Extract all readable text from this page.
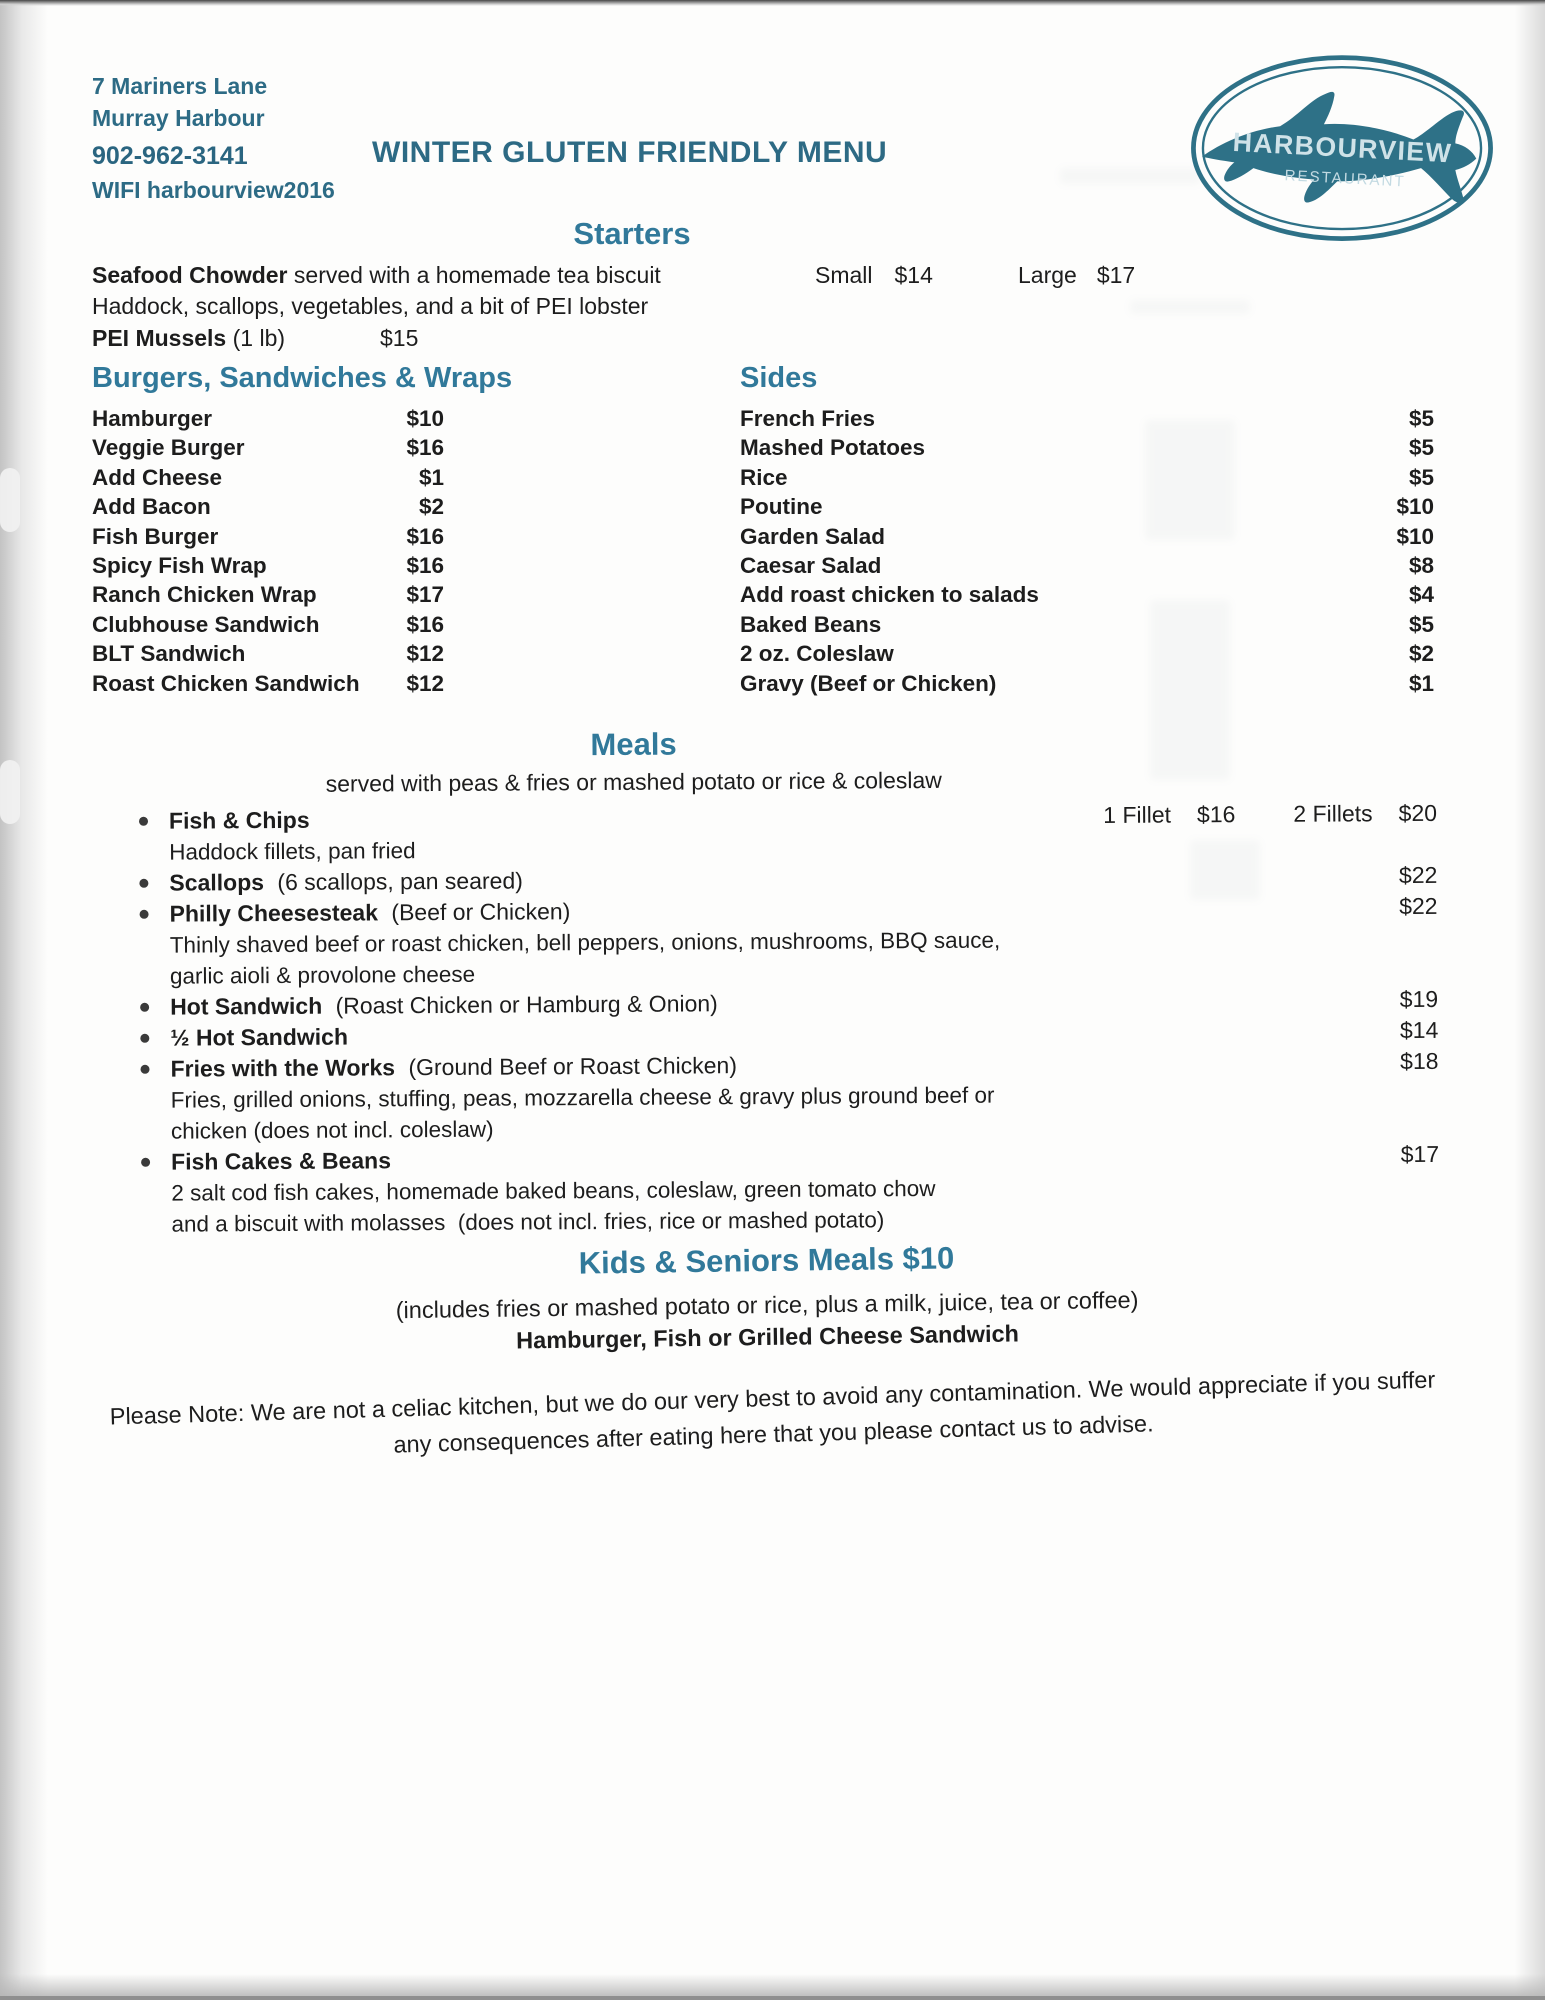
7 Mariners Lane
Murray Harbour
902-962-3141
WIFI harbourview2016
WINTER GLUTEN FRIENDLY MENU	HARBOURVIEW
RESTAURANT
Starters
Seafood Chowder served with a homemade tea biscuit	Small $14	Large $17
Haddock, scallops, vegetables, and a bit of PEI lobster
PEI Mussels (1 lb)	$15
Burgers, Sandwiches & Wraps
Hamburger	$10
Veggie Burger	$16
Add Cheese	$1
Add Bacon	$2
Fish Burger	$16
Spicy Fish Wrap	$16
Ranch Chicken Wrap	$17
Clubhouse Sandwich	$16
BLT Sandwich	$12
Roast Chicken Sandwich $12
Sides
French Fries	$5
Mashed Potatoes	$5
Rice	$5
Poutine	$10
Garden Salad	$10
Caesar Salad	$8
Add roast chicken to salads	$4
Baked Beans	$5
2 oz. Coleslaw	$2
Gravy (Beef or Chicken)	$1
Meals
served with peas & fries or mashed potato or rice & coleslaw
Fish & Chips	1 Fillet $16	2 Fillets $20
Haddock fillets, pan fried
Scallops (6 scallops, pan seared)	$22
Philly Cheesesteak (Beef or Chicken)	$22
Thinly shaved beef or roast chicken, bell peppers, onions, mushrooms, BBQ sauce,
garlic aioli & provolone cheese
Hot Sandwich (Roast Chicken or Hamburg & Onion)	$19
½ Hot Sandwich	$14
Fries with the Works (Ground Beef or Roast Chicken)	$18
Fries, grilled onions, stuffing, peas, mozzarella cheese & gravy plus ground beef or
chicken (does not incl. coleslaw)
Fish Cakes & Beans	$17
2 salt cod fish cakes, homemade baked beans, coleslaw, green tomato chow
and a biscuit with molasses  (does not incl. fries, rice or mashed potato)
Kids & Seniors Meals $10
(includes fries or mashed potato or rice, plus a milk, juice, tea or coffee)
Hamburger, Fish or Grilled Cheese Sandwich
Please Note: We are not a celiac kitchen, but we do our very best to avoid any contamination. We would appreciate if you suffer any consequences after eating here that you please contact us to advise.
